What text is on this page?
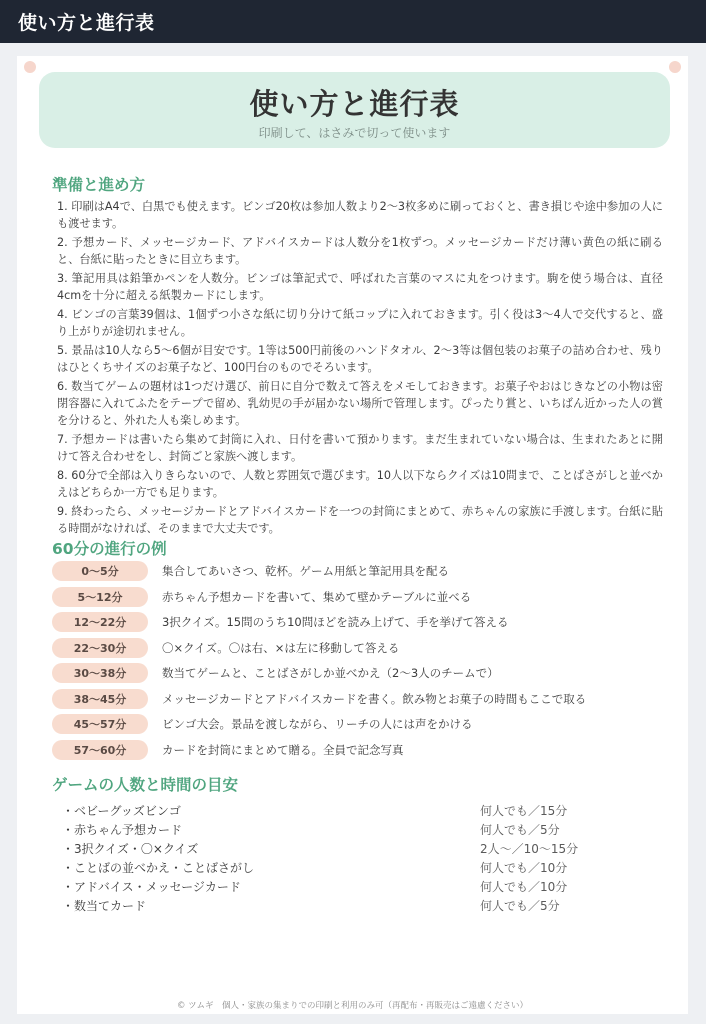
使い方と進行表
使い方と進行表
印刷して、はさみで切って使います
準備と進め方

1. 印刷はA4で、白黒でも使えます。ビンゴ20枚は参加人数より2〜3枚多めに刷っておくと、書き損じや途中参加の人にも渡せます。

2. 予想カード、メッセージカード、アドバイスカードは人数分を1枚ずつ。メッセージカードだけ薄い黄色の紙に刷ると、台紙に貼ったときに目立ちます。

3. 筆記用具は鉛筆かペンを人数分。ビンゴは筆記式で、呼ばれた言葉のマスに丸をつけます。駒を使う場合は、直径4cmを十分に超える紙製カードにします。

4. ビンゴの言葉39個は、1個ずつ小さな紙に切り分けて紙コップに入れておきます。引く役は3〜4人で交代すると、盛り上がりが途切れません。

5. 景品は10人なら5〜6個が目安です。1等は500円前後のハンドタオル、2〜3等は個包装のお菓子の詰め合わせ、残りはひとくちサイズのお菓子など、100円台のものでそろいます。

6. 数当てゲームの題材は1つだけ選び、前日に自分で数えて答えをメモしておきます。お菓子やおはじきなどの小物は密閉容器に入れてふたをテープで留め、乳幼児の手が届かない場所で管理します。ぴったり賞と、いちばん近かった人の賞を分けると、外れた人も楽しめます。

7. 予想カードは書いたら集めて封筒に入れ、日付を書いて預かります。まだ生まれていない場合は、生まれたあとに開けて答え合わせをし、封筒ごと家族へ渡します。

8. 60分で全部は入りきらないので、人数と雰囲気で選びます。10人以下ならクイズは10問まで、ことばさがしと並べかえはどちらか一方でも足ります。

9. 終わったら、メッセージカードとアドバイスカードを一つの封筒にまとめて、赤ちゃんの家族に手渡します。台紙に貼る時間がなければ、そのままで大丈夫です。

60分の進行の例
0〜5分	集合してあいさつ、乾杯。ゲーム用紙と筆記用具を配る
5〜12分	赤ちゃん予想カードを書いて、集めて壁かテーブルに並べる
12〜22分	3択クイズ。15問のうち10問ほどを読み上げて、手を挙げて答える
22〜30分	〇×クイズ。〇は右、×は左に移動して答える
30〜38分	数当てゲームと、ことばさがしか並べかえ（2〜3人のチームで）
38〜45分	メッセージカードとアドバイスカードを書く。飲み物とお菓子の時間もここで取る
45〜57分	ビンゴ大会。景品を渡しながら、リーチの人には声をかける
57〜60分	カードを封筒にまとめて贈る。全員で記念写真
ゲームの人数と時間の目安
・ベビーグッズビンゴ	何人でも／15分
・赤ちゃん予想カード	何人でも／5分
・3択クイズ・〇×クイズ	2人〜／10〜15分
・ことばの並べかえ・ことばさがし	何人でも／10分
・アドバイス・メッセージカード	何人でも／10分
・数当てカード	何人でも／5分
© ツムギ　個人・家族の集まりでの印刷と利用のみ可（再配布・再販売はご遠慮ください）
